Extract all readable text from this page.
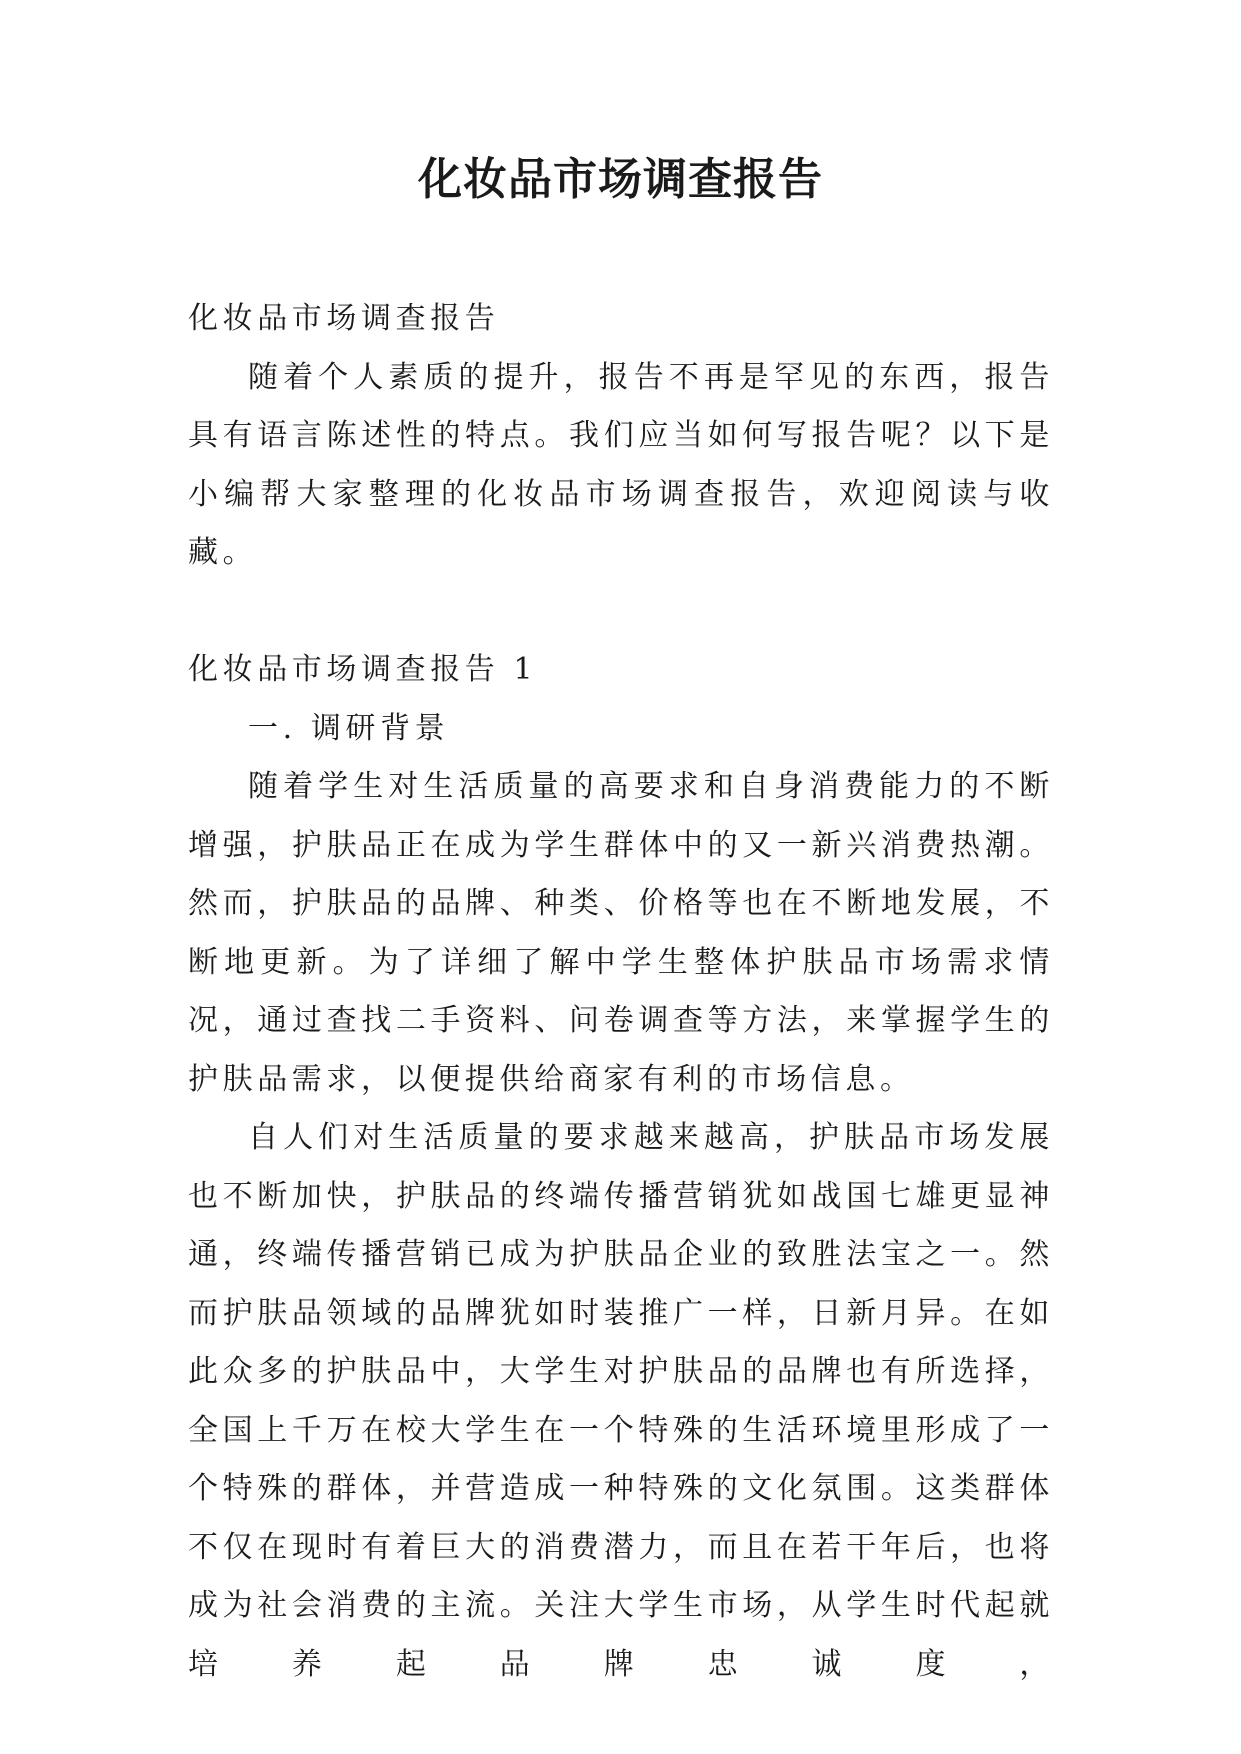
化妆品市场调查报告

化妆品市场调查报告

随着个人素质的提升，报告不再是罕见的东西，报告具有语言陈述性的特点。我们应当如何写报告呢？以下是小编帮大家整理的化妆品市场调查报告，欢迎阅读与收藏。

化妆品市场调查报告 1

一. 调研背景

随着学生对生活质量的高要求和自身消费能力的不断增强，护肤品正在成为学生群体中的又一新兴消费热潮。然而，护肤品的品牌、种类、价格等也在不断地发展，不断地更新。为了详细了解中学生整体护肤品市场需求情况，通过查找二手资料、问卷调查等方法，来掌握学生的护肤品需求，以便提供给商家有利的市场信息。

自人们对生活质量的要求越来越高，护肤品市场发展也不断加快，护肤品的终端传播营销犹如战国七雄更显神通，终端传播营销已成为护肤品企业的致胜法宝之一。然而护肤品领域的品牌犹如时装推广一样，日新月异。在如此众多的护肤品中，大学生对护肤品的品牌也有所选择，全国上千万在校大学生在一个特殊的生活环境里形成了一个特殊的群体，并营造成一种特殊的文化氛围。这类群体不仅在现时有着巨大的消费潜力，而且在若干年后，也将成为社会消费的主流。关注大学生市场，从学生时代起就培养起品牌忠诚度，
